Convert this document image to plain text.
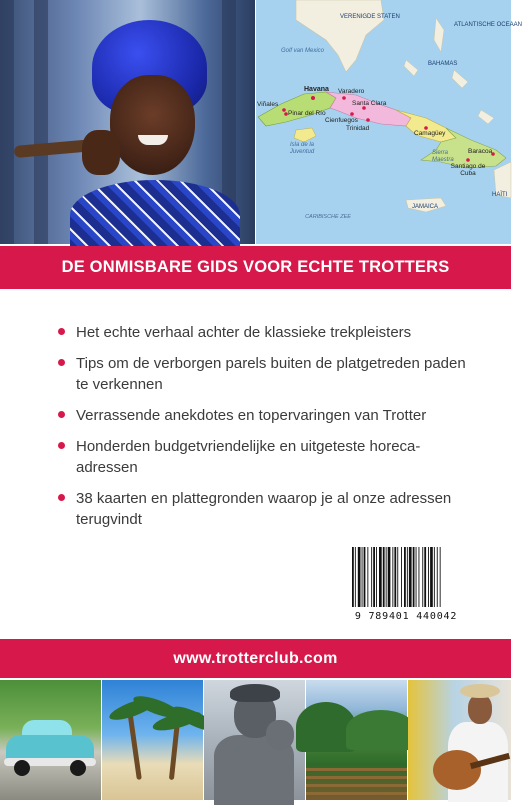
VERENIGDE STATEN
ATLANTISCHE OCEAAN
Golf van Mexico
BAHAMAS
HAÏTI
JAMAICA
CARIBISCHE ZEE
Havana Varadero
Viñales
Pinar del Río
Santa Clara
Cienfuegos
Trinidad
Camagüey
Sierra Maestra
Baracoa
Santiago de Cuba
Isla de la Juventud
DE ONMISBARE GIDS VOOR ECHTE TROTTERS
Het echte verhaal achter de klassieke trekpleisters
Tips om de verborgen parels buiten de platgetreden paden te verkennen
Verrassende anekdotes en topervaringen van Trotter
Honderden budgetvriendelijke en uitgeteste horeca-adressen
38 kaarten en plattegronden waarop je al onze adressen terugvindt
9 789401 440042
www.trotterclub.com
